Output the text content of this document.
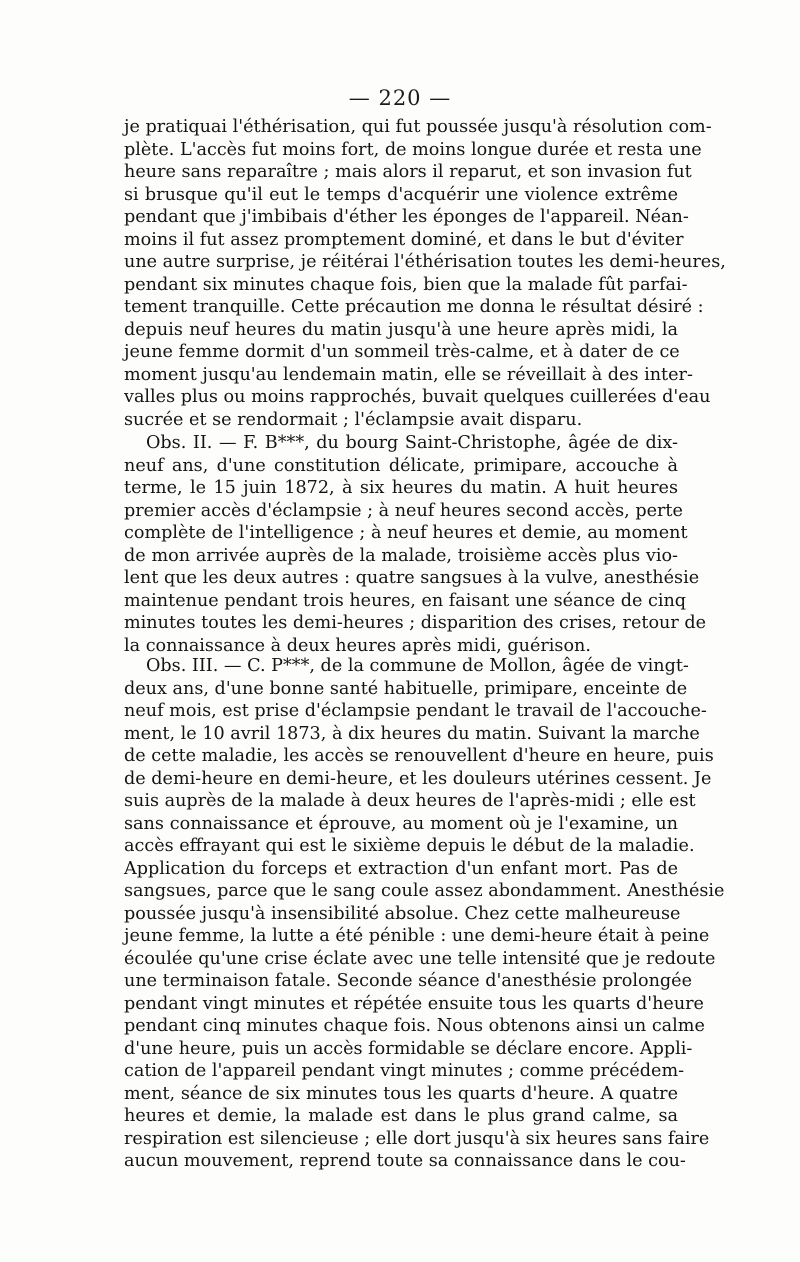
— 220 —
je pratiquai l'éthérisation, qui fut poussée jusqu'à résolution com-
plète. L'accès fut moins fort, de moins longue durée et resta une
heure sans reparaître ; mais alors il reparut, et son invasion fut
si brusque qu'il eut le temps d'acquérir une violence extrême
pendant que j'imbibais d'éther les éponges de l'appareil. Néan-
moins il fut assez promptement dominé, et dans le but d'éviter
une autre surprise, je réitérai l'éthérisation toutes les demi-heures,
pendant six minutes chaque fois, bien que la malade fût parfai-
tement tranquille. Cette précaution me donna le résultat désiré :
depuis neuf heures du matin jusqu'à une heure après midi, la
jeune femme dormit d'un sommeil très-calme, et à dater de ce
moment jusqu'au lendemain matin, elle se réveillait à des inter-
valles plus ou moins rapprochés, buvait quelques cuillerées d'eau
sucrée et se rendormait ; l'éclampsie avait disparu.
Obs. II. — F. B***, du bourg Saint-Christophe, âgée de dix-
neuf ans, d'une constitution délicate, primipare, accouche à
terme, le 15 juin 1872, à six heures du matin. A huit heures
premier accès d'éclampsie ; à neuf heures second accès, perte
complète de l'intelligence ; à neuf heures et demie, au moment
de mon arrivée auprès de la malade, troisième accès plus vio-
lent que les deux autres : quatre sangsues à la vulve, anesthésie
maintenue pendant trois heures, en faisant une séance de cinq
minutes toutes les demi-heures ; disparition des crises, retour de
la connaissance à deux heures après midi, guérison.
Obs. III. — C. P***, de la commune de Mollon, âgée de vingt-
deux ans, d'une bonne santé habituelle, primipare, enceinte de
neuf mois, est prise d'éclampsie pendant le travail de l'accouche-
ment, le 10 avril 1873, à dix heures du matin. Suivant la marche
de cette maladie, les accès se renouvellent d'heure en heure, puis
de demi-heure en demi-heure, et les douleurs utérines cessent. Je
suis auprès de la malade à deux heures de l'après-midi ; elle est
sans connaissance et éprouve, au moment où je l'examine, un
accès effrayant qui est le sixième depuis le début de la maladie.
Application du forceps et extraction d'un enfant mort. Pas de
sangsues, parce que le sang coule assez abondamment. Anesthésie
poussée jusqu'à insensibilité absolue. Chez cette malheureuse
jeune femme, la lutte a été pénible : une demi-heure était à peine
écoulée qu'une crise éclate avec une telle intensité que je redoute
une terminaison fatale. Seconde séance d'anesthésie prolongée
pendant vingt minutes et répétée ensuite tous les quarts d'heure
pendant cinq minutes chaque fois. Nous obtenons ainsi un calme
d'une heure, puis un accès formidable se déclare encore. Appli-
cation de l'appareil pendant vingt minutes ; comme précédem-
ment, séance de six minutes tous les quarts d'heure. A quatre
heures et demie, la malade est dans le plus grand calme, sa
respiration est silencieuse ; elle dort jusqu'à six heures sans faire
aucun mouvement, reprend toute sa connaissance dans le cou-
